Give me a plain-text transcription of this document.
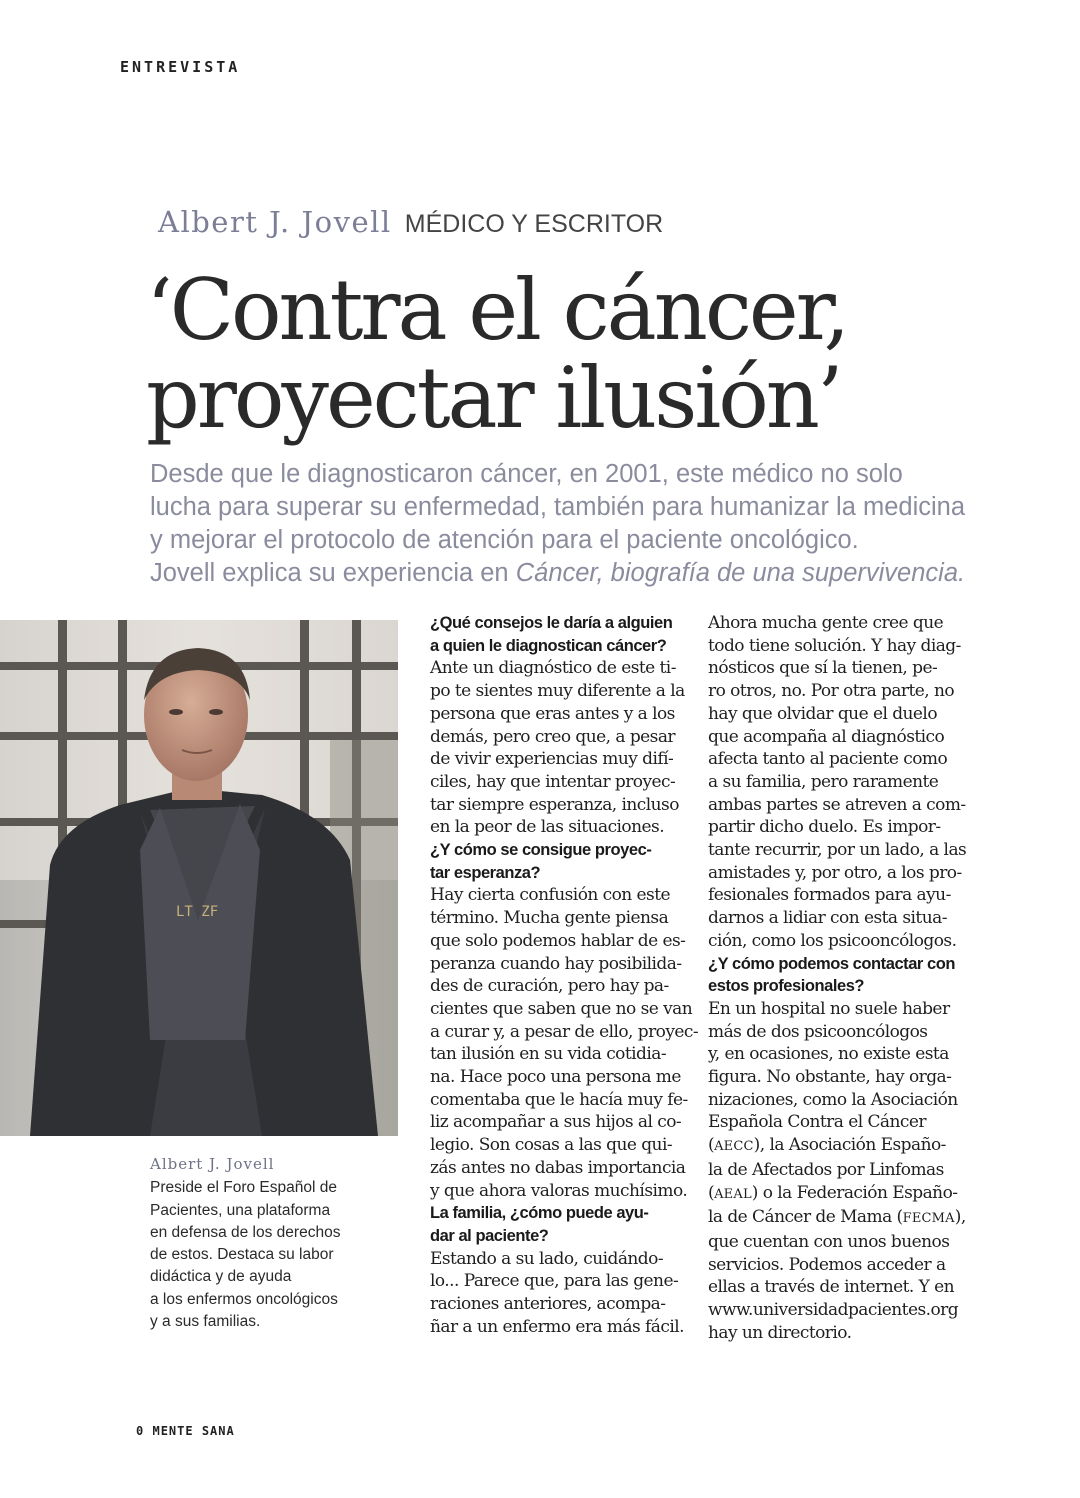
ENTREVISTA
Albert J. Jovell MÉDICO Y ESCRITOR
‘Contra el cáncer,
proyectar ilusión’
Desde que le diagnosticaron cáncer, en 2001, este médico no solo
lucha para superar su enfermedad, también para humanizar la medicina
y mejorar el protocolo de atención para el paciente oncológico.
Jovell explica su experiencia en Cáncer, biografía de una supervivencia.
LT ZF
Albert J. Jovell
Preside el Foro Español de
Pacientes, una plataforma
en defensa de los derechos
de estos. Destaca su labor
didáctica y de ayuda
a los enfermos oncológicos
y a sus familias.
¿Qué consejos le daría a alguien
a quien le diagnostican cáncer?
Ante un diagnóstico de este ti-
po te sientes muy diferente a la
persona que eras antes y a los
demás, pero creo que, a pesar
de vivir experiencias muy difí-
ciles, hay que intentar proyec-
tar siempre esperanza, incluso
en la peor de las situaciones.
¿Y cómo se consigue proyec-
tar esperanza?
Hay cierta confusión con este
término. Mucha gente piensa
que solo podemos hablar de es-
peranza cuando hay posibilida-
des de curación, pero hay pa-
cientes que saben que no se van
a curar y, a pesar de ello, proyec-
tan ilusión en su vida cotidia-
na. Hace poco una persona me
comentaba que le hacía muy fe-
liz acompañar a sus hijos al co-
legio. Son cosas a las que qui-
zás antes no dabas importancia
y que ahora valoras muchísimo.
La familia, ¿cómo puede ayu-
dar al paciente?
Estando a su lado, cuidándo-
lo... Parece que, para las gene-
raciones anteriores, acompa-
ñar a un enfermo era más fácil.
Ahora mucha gente cree que
todo tiene solución. Y hay diag-
nósticos que sí la tienen, pe-
ro otros, no. Por otra parte, no
hay que olvidar que el duelo
que acompaña al diagnóstico
afecta tanto al paciente como
a su familia, pero raramente
ambas partes se atreven a com-
partir dicho duelo. Es impor-
tante recurrir, por un lado, a las
amistades y, por otro, a los pro-
fesionales formados para ayu-
darnos a lidiar con esta situa-
ción, como los psicooncólogos.
¿Y cómo podemos contactar con
estos profesionales?
En un hospital no suele haber
más de dos psicooncólogos
y, en ocasiones, no existe esta
figura. No obstante, hay orga-
nizaciones, como la Asociación
Española Contra el Cáncer
(AECC), la Asociación Españo-
la de Afectados por Linfomas
(AEAL) o la Federación Españo-
la de Cáncer de Mama (FECMA),
que cuentan con unos buenos
servicios. Podemos acceder a
ellas a través de internet. Y en
www.universidadpacientes.org
hay un directorio.
0 MENTE SANA
